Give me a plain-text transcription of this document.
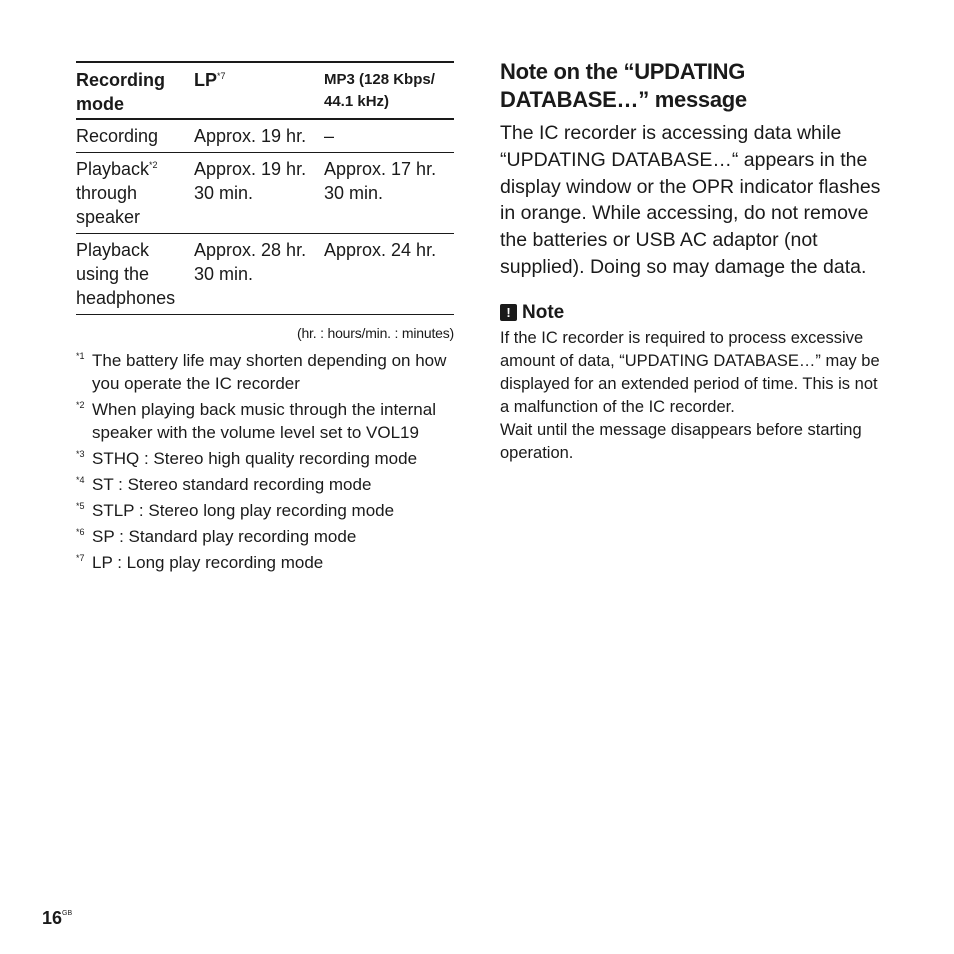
Recording mode	LP$^{*7}$	MP3 (128 Kbps/ 44.1 kHz)
Recording	Approx. 19 hr.	–
Playback$^{*2}$ through speaker	Approx. 19 hr. 30 min.	Approx. 17 hr. 30 min.
Playback using the headphones	Approx. 28 hr. 30 min.	Approx. 24 hr.
(hr. : hours/min. : minutes)
*1 The battery life may shorten depending on how you operate the IC recorder
*2 When playing back music through the internal speaker with the volume level set to VOL19
*3 STHQ : Stereo high quality recording mode
*4 ST : Stereo standard recording mode
*5 STLP : Stereo long play recording mode
*6 SP : Standard play recording mode
*7 LP : Long play recording mode
Note on the “UPDATING DATABASE…” message

The IC recorder is accessing data while “UPDATING DATABASE…“ appears in the display window or the OPR indicator flashes in orange. While accessing, do not remove the batteries or USB AC adaptor (not supplied). Doing so may damage the data.

! Note

If the IC recorder is required to process excessive amount of data, “UPDATING DATABASE…” may be displayed for an extended period of time. This is not a malfunction of the IC recorder.

Wait until the message disappears before starting operation.

$16^{GB}$
